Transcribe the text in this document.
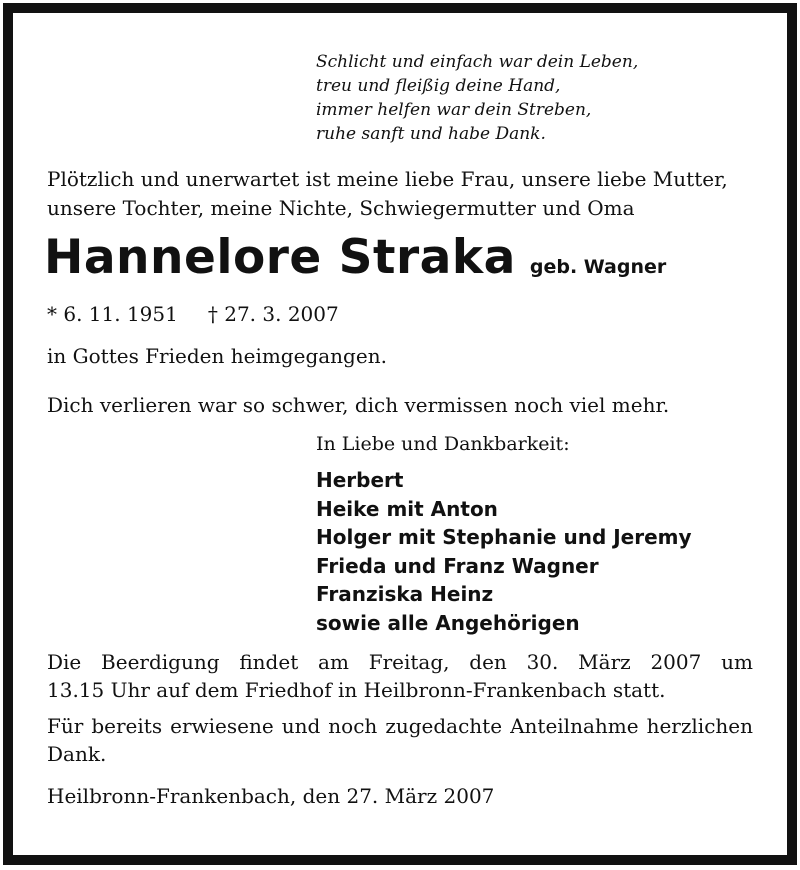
Schlicht und einfach war dein Leben,
treu und fleißig deine Hand,
immer helfen war dein Streben,
ruhe sanft und habe Dank.
Plötzlich und unerwartet ist meine liebe Frau, unsere liebe Mutter,
unsere Tochter, meine Nichte, Schwiegermutter und Oma
Hannelore Straka geb. Wagner
* 6. 11. 1951 † 27. 3. 2007
in Gottes Frieden heimgegangen.
Dich verlieren war so schwer, dich vermissen noch viel mehr.
In Liebe und Dankbarkeit:
Herbert
Heike mit Anton
Holger mit Stephanie und Jeremy
Frieda und Franz Wagner
Franziska Heinz
sowie alle Angehörigen
Die Beerdigung findet am Freitag, den 30. März 2007 um
13.15 Uhr auf dem Friedhof in Heilbronn-Frankenbach statt.
Für bereits erwiesene und noch zugedachte Anteilnahme herzlichen
Dank.
Heilbronn-Frankenbach, den 27. März 2007
